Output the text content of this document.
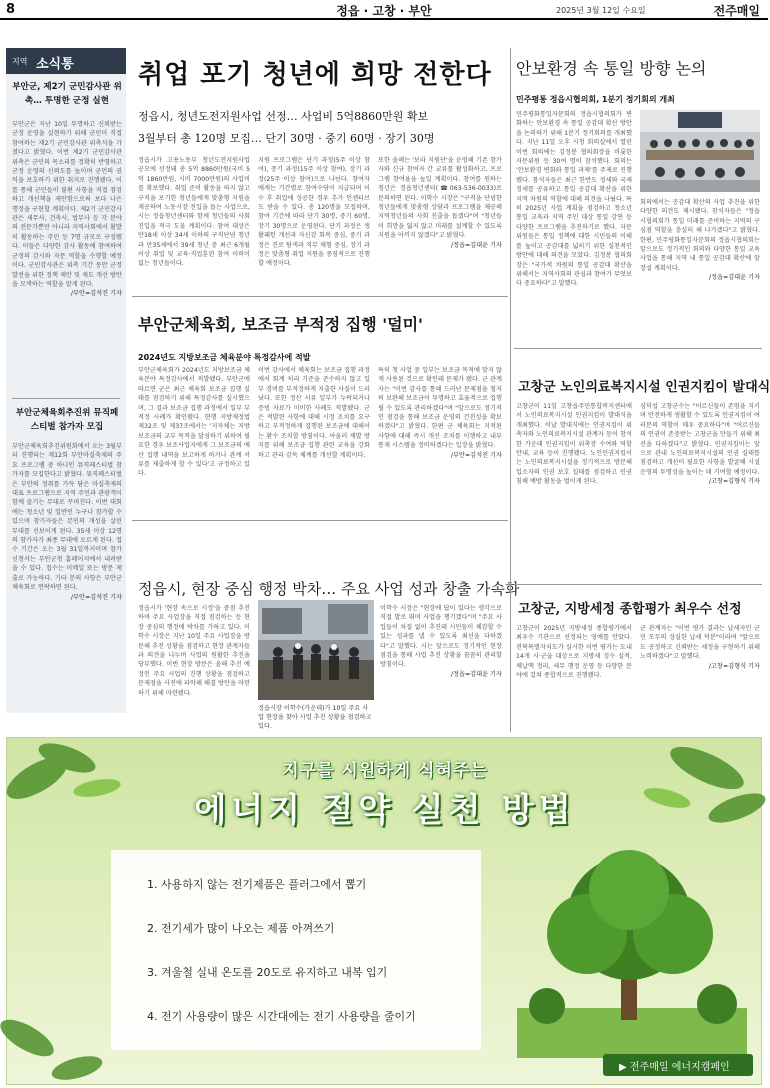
8	정읍 · 고창 · 부안	2025년 3월 12일 수요일	전주매일
지역 소식통
부안군, 제2기 군민감사관 위촉… 투명한 군정 실현
부안군은 지난 10일 투명하고 신뢰받는 군정 운영을 실현하기 위해 군민이 직접 참여하는 제2기 군민감사관 위촉식을 가졌다고 밝혔다. 이번 제2기 군민감사관 위촉은 군민의 목소리를 정확히 반영하고 군정 운영의 신뢰도를 높이며 군민의 권익을 보호하기 위한 취지로 진행됐다. 이를 통해 군민들이 불편 사항을 직접 점검하고 개선책을 제안함으로써 보다 나은 행정을 구현할 계획이다. 제2기 군민감사관은 세무사, 건축사, 법무사 등 각 분야의 전문가뿐만 아니라 지역사회에서 활발히 활동하는 주민 등 7명 규모로 구성됐다. 이들은 다양한 감사 활동에 참여하여 군정의 감시와 자문 역할을 수행할 예정이다. 군민감사관은 위촉 기간 동안 군정 발전을 위한 정책 제안 및 제도 개선 방안을 모색하는 역할을 맡게 된다.
/부안=김석진 기자
부안군체육회추진위 뮤직페스티벌 참가자 모집
부안군체육회추진위원회에서 오는 3월부터 진행되는 제12회 부안마실축제의 주요 프로그램 중 하나인 뮤직페스티벌 참가자를 모집한다고 밝혔다. 뮤직페스티벌은 부안의 정취를 가득 담은 마실축제의 대표 프로그램으로 지역 주민과 관광객이 함께 즐기는 무대로 꾸며진다. 이번 대회에는 청소년 및 일반인 누구나 참가할 수 있으며 참가자들은 본인의 개성을 살린 무대를 선보이게 된다. 35세 이상 12명의 참가자가 최종 무대에 오르게 된다. 접수 기간은 오는 3월 31일까지이며 참가 신청서는 부안군청 홈페이지에서 내려받을 수 있다. 접수는 이메일 또는 방문 제출로 가능하다. 기타 문의 사항은 부안군체육회로 연락하면 된다.
/부안=김석진 기자
취업 포기 청년에 희망 전한다
정읍시, 청년도전지원사업 선정… 사업비 5억8860만원 확보
3월부터 총 120명 모집… 단기 30명 · 중기 60명 · 장기 30명
정읍시가 고용노동부 청년도전지원사업 공모에 선정돼 총 5억 8860만원(국비 5억 1860만원, 시비 7000만원)의 사업비를 확보했다. 취업 준비 활동을 하지 않고 구직을 포기한 청년들에게 맞춤형 지원을 제공하여 노동시장 진입을 돕는 사업으로, 시는 정읍청년센터와 함께 청년들의 사회 진입을 적극 도울 계획이다. 참여 대상은 만18세 이상 34세 이하의 구직단념 청년과 만35세에서 39세 청년 중 최근 6개월 이상 취업 및 교육·직업훈련 참여 이력이 없는 청년들이다.
지원 프로그램은 단기 과정(5주 이상 참여), 중기 과정(15주 이상 참여), 장기 과정(25주 이상 참여)으로 나뉜다. 참여자에게는 기간별로 참여수당이 지급되며 이수 후 취업에 성공한 경우 추가 인센티브도 받을 수 있다. 총 120명을 모집하며, 참여 기간에 따라 단기 30명, 중기 60명, 장기 30명으로 운영된다. 단기 과정은 생활패턴 개선과 자신감 회복 중심, 중기 과정은 진로 탐색과 직무 체험 중심, 장기 과정은 맞춤형 취업 지원을 중점적으로 진행할 예정이다.
또한 올해는 '보라 지원단'을 운영해 기존 참가자와 신규 참여자 간 교류를 활성화하고, 프로그램 참여율을 높일 계획이다. 참여를 원하는 청년은 정읍청년센터(☎063-536-0033)로 문의하면 된다. 이학수 시장은 "구직을 단념한 청년들에게 맞춤형 상담과 프로그램을 제공해 지역청년들의 사회 진출을 돕겠다"며 "청년들이 희망을 잃지 않고 미래를 설계할 수 있도록 지원을 아끼지 않겠다"고 밝혔다.
/정읍=김대윤 기자
부안군체육회, 보조금 부적정 집행 '덜미'
2024년도 지방보조금 체육분야 특정감사에 적발
부안군체육회가 2024년도 지방보조금 체육분야 특정감사에서 적발됐다. 부안군에 따르면 군은 최근 체육회 보조금 집행 실태를 점검하기 위해 특정감사를 실시했으며, 그 결과 보조금 집행 과정에서 일부 부적정 사례가 확인됐다. 현행 지방재정법 제32조 및 제37조에서는 '지자체는 지방보조금의 교부 목적을 달성하기 위하여 필요한 경우 보조사업자에게 그 보조금의 예산 집행 내역을 보고하게 하거나 관계 서류를 제출하게 할 수 있다'고 규정하고 있다.
이번 감사에서 체육회는 보조금 집행 과정에서 회계 처리 기준을 준수하지 않고 일부 경비를 부적정하게 지출한 사실이 드러났다. 또한 정산 서류 일부가 누락되거나 증빙 자료가 미비한 사례도 적발됐다. 군은 적발된 사항에 대해 시정 조치를 요구하고 부적정하게 집행된 보조금에 대해서는 환수 조치할 방침이다. 아울러 재발 방지를 위해 보조금 집행 관련 교육을 강화하고 관리·감독 체계를 개선할 계획이다.
특히 첫 사업 중 일부는 보조금 목적에 맞지 않게 사용된 것으로 확인돼 문제가 됐다. 군 관계자는 "이번 감사를 통해 드러난 문제점을 철저히 보완해 보조금이 투명하고 효율적으로 집행될 수 있도록 관리하겠다"며 "앞으로도 정기적인 점검을 통해 보조금 운영의 건전성을 확보하겠다"고 밝혔다. 한편 군 체육회는 지적된 사항에 대해 즉시 개선 조치를 이행하고 내부 통제 시스템을 정비하겠다는 입장을 밝혔다.
/부안=김석진 기자
정읍시, 현장 중심 행정 박차… 주요 사업 성과 창출 가속화
정읍시가 '현장 속으로 시정'을 중점 추진하며 주요 사업장을 직접 점검하는 등 현장 중심의 행정에 박차를 가하고 있다. 이학수 시장은 지난 10일 주요 사업장을 방문해 추진 상황을 점검하고 현장 관계자들과 의견을 나누며 사업의 원활한 추진을 당부했다. 이번 현장 방문은 올해 추진 예정인 주요 사업의 진행 상황을 점검하고 문제점을 사전에 파악해 해결 방안을 마련하기 위해 마련됐다.
정읍시장 이학수(가운데)가 10일 주요 사업 현장을 찾아 사업 추진 상황을 점검하고 있다.
이학수 시장은 "현장에 답이 있다는 생각으로 직접 발로 뛰며 사업을 챙기겠다"며 "주요 사업들이 차질 없이 추진돼 시민들이 체감할 수 있는 성과를 낼 수 있도록 최선을 다하겠다"고 말했다. 시는 앞으로도 정기적인 현장 점검을 통해 사업 추진 상황을 꼼꼼히 관리할 방침이다.
/정읍=김대윤 기자
안보환경 속 통일 방향 논의
민주평통 정읍시협의회, 1분기 정기회의 개최
민주평화통일자문회의 정읍시협의회가 변화하는 안보환경 속 통일 공감대 확산 방안을 논의하기 위해 1분기 정기회의를 개최했다. 지난 11일 오후 시청 회의실에서 열린 이번 회의에는 김정봉 협의회장을 비롯한 자문위원 등 30여 명이 참석했다. 회의는 '안보환경 변화와 통일 과제'를 주제로 진행됐다. 참석자들은 최근 한반도 정세와 국제 정세를 공유하고 통일 공감대 확산을 위한 지역 차원의 역할에 대해 의견을 나눴다. 특히 2025년 사업 계획을 점검하고 청소년 통일 교육과 지역 주민 대상 통일 강연 등 다양한 프로그램을 추진하기로 했다. 자문위원들은 통일 정책에 대한 시민들의 이해를 높이고 공감대를 넓히기 위한 실천적인 방안에 대해 의견을 모았다. 김정봉 협의회장은 "국가적 차원의 통일 공감대 확산을 위해서는 지역사회의 관심과 참여가 무엇보다 중요하다"고 말했다.
회의에서는 공감대 확산의 사업 추진을 위한 다양한 의견도 제시됐다. 참석자들은 "정읍시협의회가 통일 미래를 준비하는 지역의 구심점 역할을 충실히 해 나가겠다"고 밝혔다. 한편, 민주평화통일자문회의 정읍시협의회는 앞으로도 정기적인 회의와 다양한 통일 교육 사업을 통해 지역 내 통일 공감대 확산에 앞장설 계획이다.
/정읍=김대윤 기자
고창군 노인의료복지시설 인권지킴이 발대식
고창군이 11일 고창읍주민통합복지센터에서 노인의료복지시설 인권지킴이 발대식을 개최했다. 이날 발대식에는 인권지킴이 위촉자와 노인의료복지시설 관계자 등이 참석한 가운데 인권지킴이 위촉장 수여와 역할 안내, 교육 등이 진행됐다. 노인인권지킴이는 노인의료복지시설을 정기적으로 방문해 입소자의 인권 보호 실태를 점검하고 인권 침해 예방 활동을 벌이게 된다.
심덕섭 고창군수는 "어르신들이 존엄을 지키며 안전하게 생활할 수 있도록 인권지킴이 여러분의 역할이 매우 중요하다"며 "어르신들의 인권이 존중받는 고창군을 만들기 위해 최선을 다하겠다"고 밝혔다. 인권지킴이는 앞으로 관내 노인의료복지시설의 인권 실태를 점검하고 개선이 필요한 사항을 발굴해 시설 운영의 투명성을 높이는 데 기여할 예정이다.
/고창=김형식 기자
고창군, 지방세정 종합평가 최우수 선정
고창군이 2025년 지방세정 종합평가에서 최우수 기관으로 선정되는 영예를 안았다. 전북특별자치도가 실시한 이번 평가는 도내 14개 시·군을 대상으로 지방세 징수 실적, 체납액 정리, 세무 행정 운영 등 다양한 분야에 걸쳐 종합적으로 진행됐다.
군 관계자는 "이번 평가 결과는 납세자인 군민 모두의 성실한 납세 덕분"이라며 "앞으로도 공정하고 신뢰받는 세정을 구현하기 위해 노력하겠다"고 말했다.
/고창=김형식 기자
지구를 시원하게 식혀주는
에너지 절약 실천 방법
1. 사용하지 않는 전기제품은 플러그에서 뽑기
2. 전기세가 많이 나오는 제품 아껴쓰기
3. 겨울철 실내 온도를 20도로 유지하고 내복 입기
4. 전기 사용량이 많은 시간대에는 전기 사용량을 줄이기
▶ 전주매일 에너지캠페인
